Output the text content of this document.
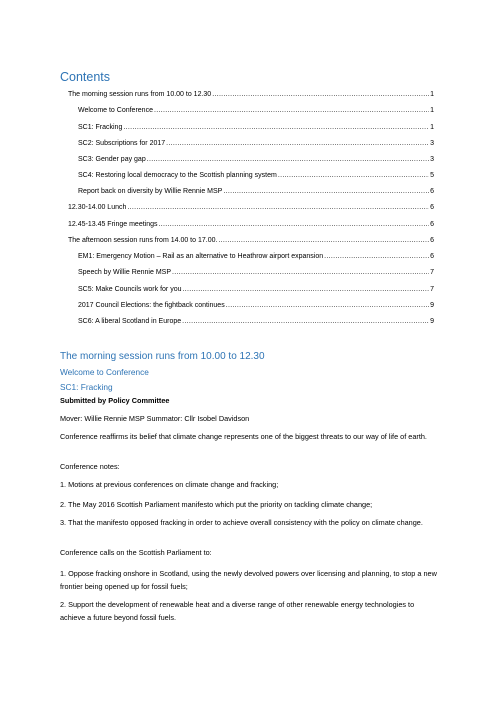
Contents
The morning session runs from 10.00 to 12.30 .....	1
Welcome to Conference .....	1
SC1: Fracking .....	1
SC2: Subscriptions for 2017 .....	3
SC3: Gender pay gap .....	3
SC4: Restoring local democracy to the Scottish planning system .....	5
Report back on diversity by Willie Rennie MSP .....	6
12.30-14.00 Lunch .....	6
12.45-13.45 Fringe meetings .....	6
The afternoon session runs from 14.00 to 17.00. .....	6
EM1: Emergency Motion – Rail as an alternative to Heathrow airport expansion .....	6
Speech by Willie Rennie MSP .....	7
SC5: Make Councils work for you .....	7
2017 Council Elections: the fightback continues .....	9
SC6: A liberal Scotland in Europe .....	9
The morning session runs from 10.00 to 12.30
Welcome to Conference
SC1: Fracking
Submitted by Policy Committee
Mover: Willie Rennie MSP Summator: Cllr Isobel Davidson
Conference reaffirms its belief that climate change represents one of the biggest threats to our way of life of earth.
Conference notes:
1. Motions at previous conferences on climate change and fracking;
2. The May 2016 Scottish Parliament manifesto which put the priority on tackling climate change;
3. That the manifesto opposed fracking in order to achieve overall consistency with the policy on climate change.
Conference calls on the Scottish Parliament to:
1. Oppose fracking onshore in Scotland, using the newly devolved powers over licensing and planning, to stop a new frontier being opened up for fossil fuels;
2. Support the development of renewable heat and a diverse range of other renewable energy technologies to achieve a future beyond fossil fuels.
